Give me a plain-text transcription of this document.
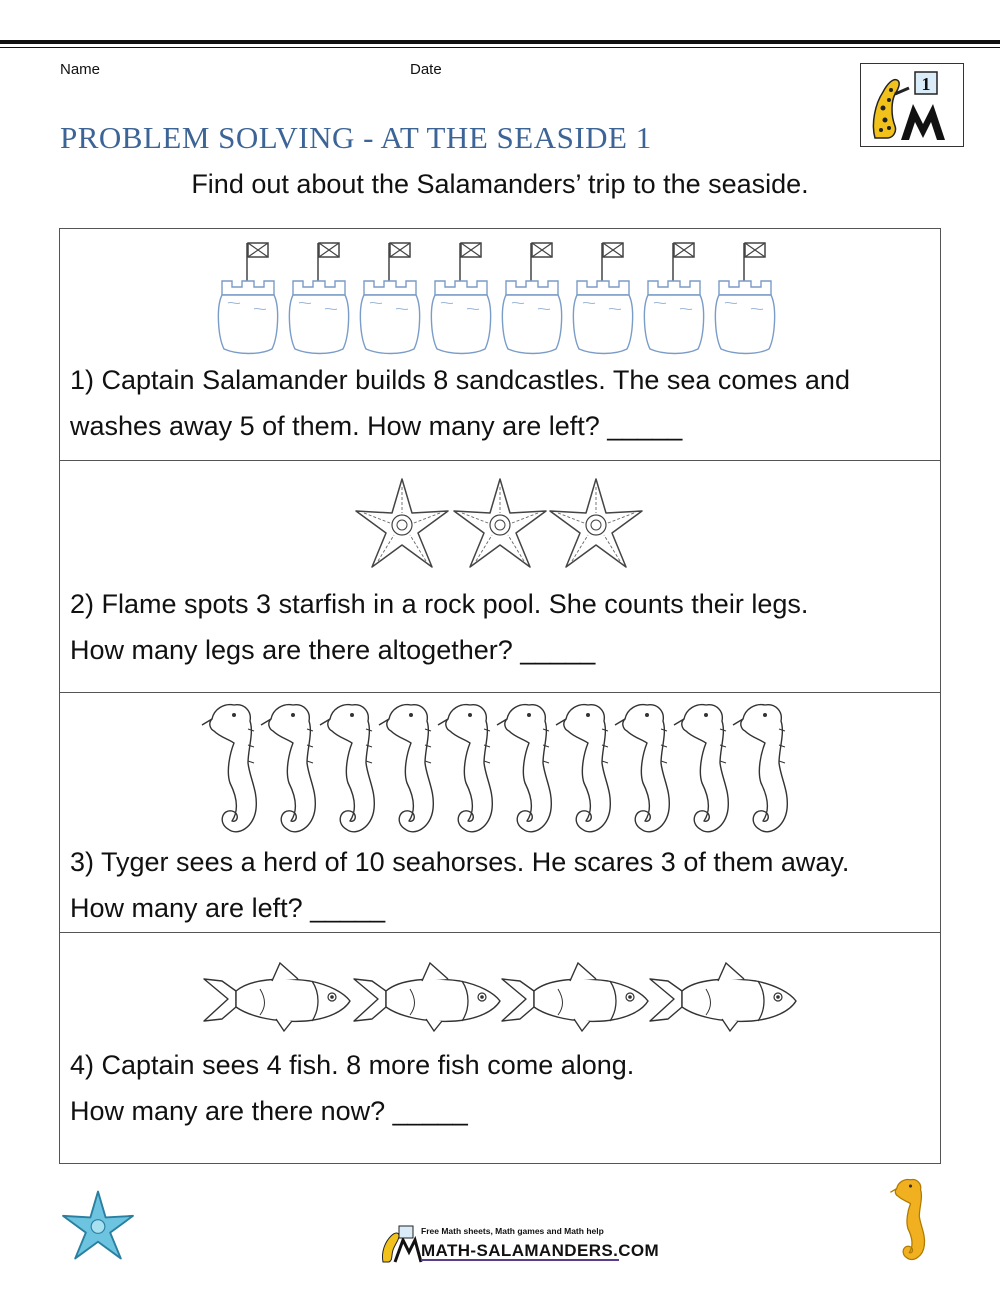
Name	Date
1
PROBLEM SOLVING - AT THE SEASIDE 1
Find out about the Salamanders’ trip to the seaside.
1) Captain Salamander builds 8 sandcastles. The sea comes and
washes away 5 of them. How many are left? _____
2) Flame spots 3 starfish in a rock pool. She counts their legs.
How many legs are there altogether? _____
3) Tyger sees a herd of 10 seahorses. He scares 3 of them away.
How many are left? _____
4) Captain sees 4 fish. 8 more fish come along.
How many are there now? _____
Free Math sheets, Math games and Math help
MATH-SALAMANDERS.COM
